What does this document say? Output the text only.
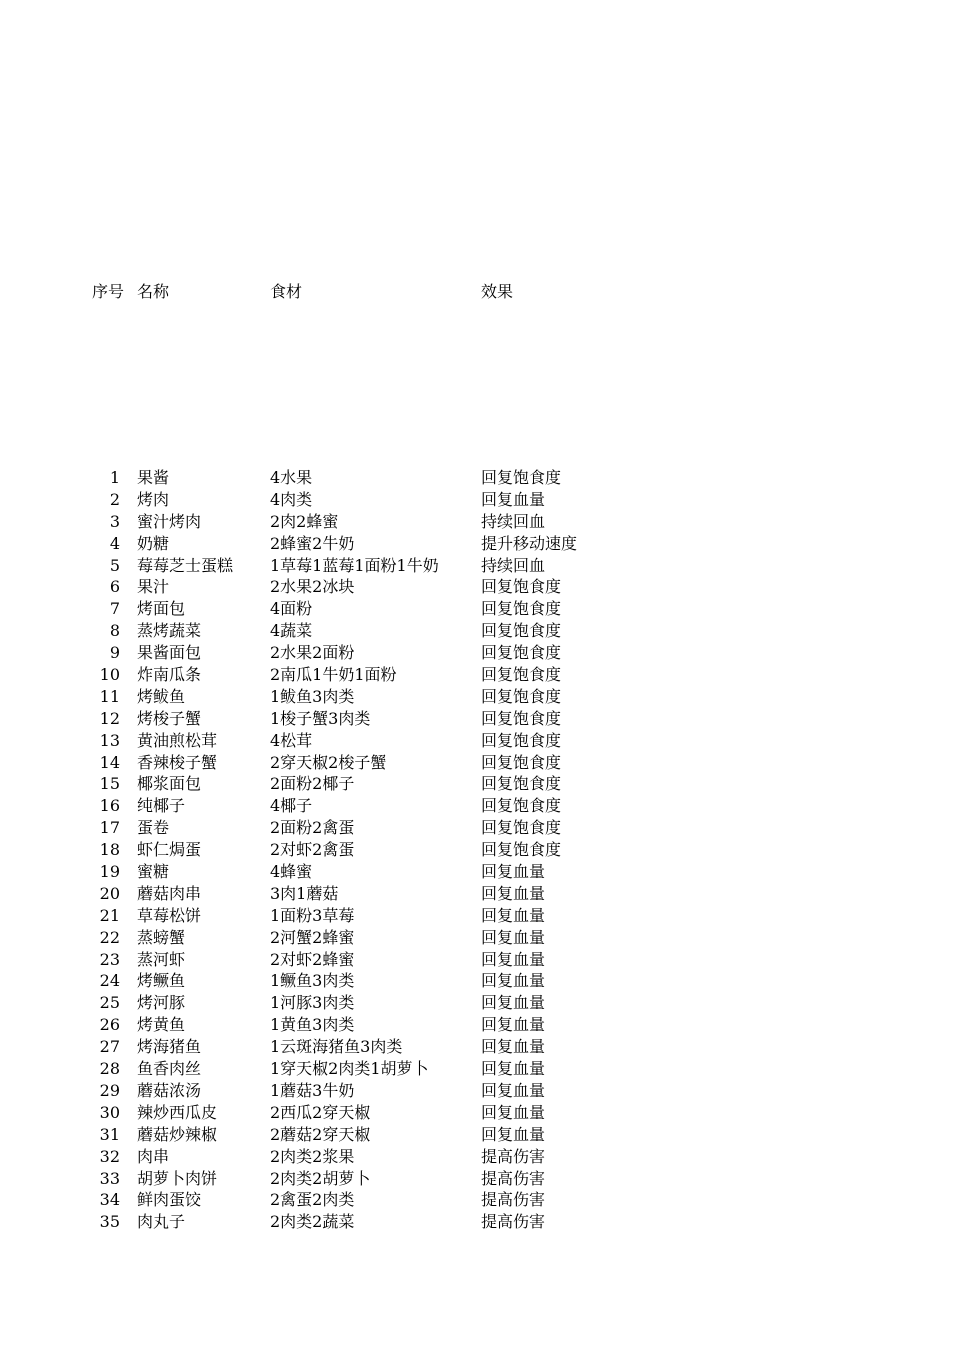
序号 名称	食材	效果
1 果酱	4水果	回复饱食度
2 烤肉	4肉类	回复血量
3 蜜汁烤肉	2肉2蜂蜜	持续回血
4 奶糖	2蜂蜜2牛奶	提升移动速度
5 莓莓芝士蛋糕	1草莓1蓝莓1面粉1牛奶	持续回血
6 果汁	2水果2冰块	回复饱食度
7 烤面包	4面粉	回复饱食度
8 蒸烤蔬菜	4蔬菜	回复饱食度
9 果酱面包	2水果2面粉	回复饱食度
10 炸南瓜条	2南瓜1牛奶1面粉	回复饱食度
11 烤鲅鱼	1鲅鱼3肉类	回复饱食度
12 烤梭子蟹	1梭子蟹3肉类	回复饱食度
13 黄油煎松茸	4松茸	回复饱食度
14 香辣梭子蟹	2穿天椒2梭子蟹	回复饱食度
15 椰浆面包	2面粉2椰子	回复饱食度
16 纯椰子	4椰子	回复饱食度
17 蛋卷	2面粉2禽蛋	回复饱食度
18 虾仁焗蛋	2对虾2禽蛋	回复饱食度
19 蜜糖	4蜂蜜	回复血量
20 蘑菇肉串	3肉1蘑菇	回复血量
21 草莓松饼	1面粉3草莓	回复血量
22 蒸螃蟹	2河蟹2蜂蜜	回复血量
23 蒸河虾	2对虾2蜂蜜	回复血量
24 烤鳜鱼	1鳜鱼3肉类	回复血量
25 烤河豚	1河豚3肉类	回复血量
26 烤黄鱼	1黄鱼3肉类	回复血量
27 烤海猪鱼	1云斑海猪鱼3肉类	回复血量
28 鱼香肉丝	1穿天椒2肉类1胡萝卜	回复血量
29 蘑菇浓汤	1蘑菇3牛奶	回复血量
30 辣炒西瓜皮	2西瓜2穿天椒	回复血量
31 蘑菇炒辣椒	2蘑菇2穿天椒	回复血量
32 肉串	2肉类2浆果	提高伤害
33 胡萝卜肉饼	2肉类2胡萝卜	提高伤害
34 鲜肉蛋饺	2禽蛋2肉类	提高伤害
35 肉丸子	2肉类2蔬菜	提高伤害
